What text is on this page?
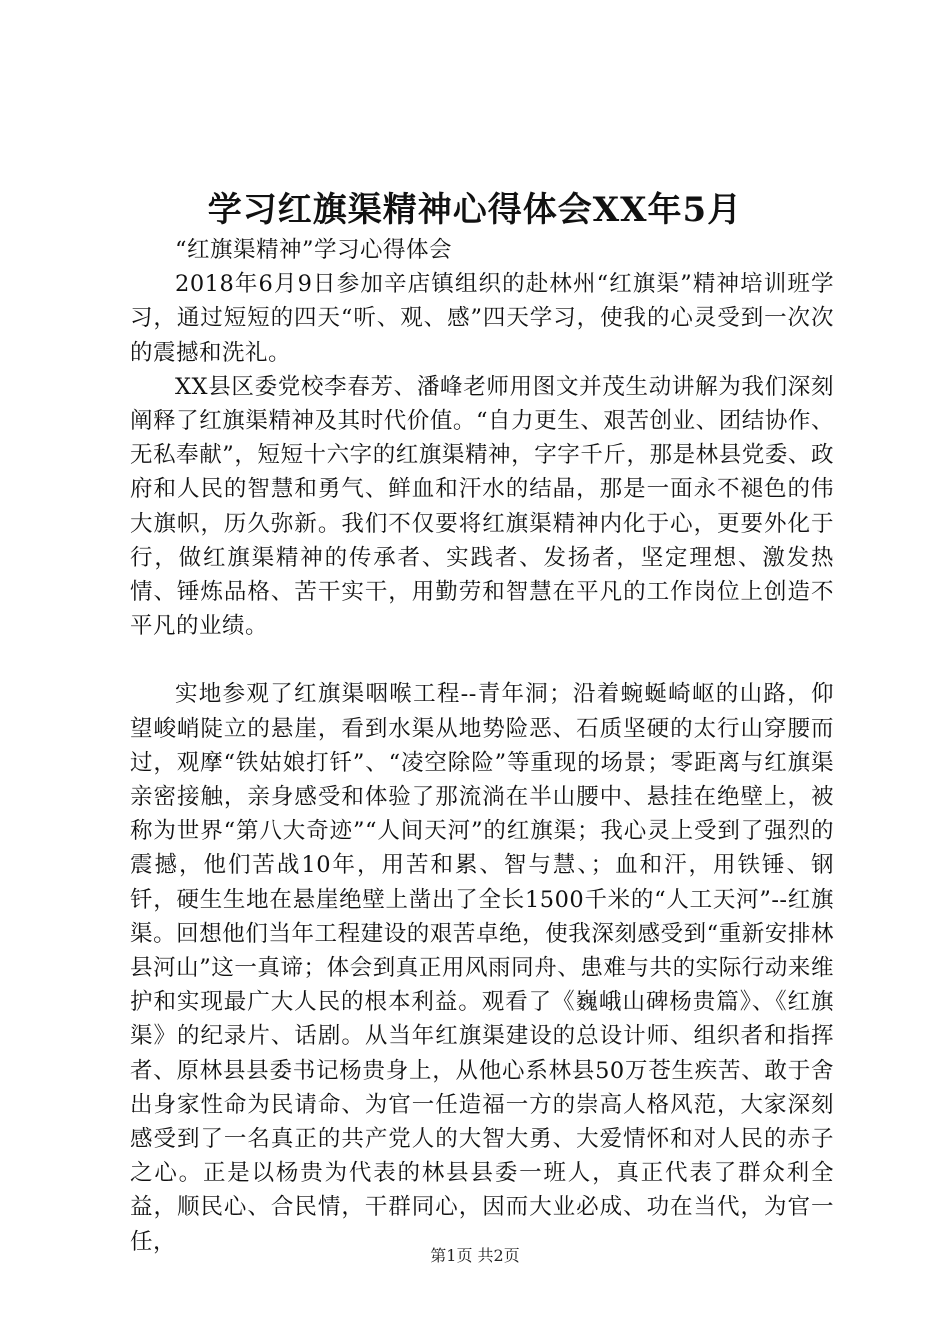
学习红旗渠精神心得体会XX年5月

“红旗渠精神”学习心得体会

2018年6月9日参加辛店镇组织的赴林州“红旗渠”精神培训班学习，通过短短的四天“听、观、感”四天学习，使我的心灵受到一次次的震撼和洗礼。

XX县区委党校李春芳、潘峰老师用图文并茂生动讲解为我们深刻阐释了红旗渠精神及其时代价值。“自力更生、艰苦创业、团结协作、无私奉献”，短短十六字的红旗渠精神，字字千斤，那是林县党委、政府和人民的智慧和勇气、鲜血和汗水的结晶，那是一面永不褪色的伟大旗帜，历久弥新。我们不仅要将红旗渠精神内化于心，更要外化于行，做红旗渠精神的传承者、实践者、发扬者，坚定理想、激发热情、锤炼品格、苦干实干，用勤劳和智慧在平凡的工作岗位上创造不平凡的业绩。

实地参观了红旗渠咽喉工程--青年洞；沿着蜿蜒崎岖的山路，仰望峻峭陡立的悬崖，看到水渠从地势险恶、石质坚硬的太行山穿腰而过，观摩“铁姑娘打钎”、“凌空除险”等重现的场景；零距离与红旗渠亲密接触，亲身感受和体验了那流淌在半山腰中、悬挂在绝壁上，被称为世界“第八大奇迹”“人间天河”的红旗渠；我心灵上受到了强烈的震撼，他们苦战10年，用苦和累、智与慧、；血和汗，用铁锤、钢钎，硬生生地在悬崖绝壁上凿出了全长1500千米的“人工天河”--红旗渠。回想他们当年工程建设的艰苦卓绝，使我深刻感受到“重新安排林县河山”这一真谛；体会到真正用风雨同舟、患难与共的实际行动来维护和实现最广大人民的根本利益。观看了《巍峨山碑杨贵篇》、《红旗渠》的纪录片、话剧。从当年红旗渠建设的总设计师、组织者和指挥者、原林县县委书记杨贵身上，从他心系林县50万苍生疾苦、敢于舍出身家性命为民请命、为官一任造福一方的崇高人格风范，大家深刻感受到了一名真正的共产党人的大智大勇、大爱情怀和对人民的赤子之心。正是以杨贵为代表的林县县委一班人，真正代表了群众利全益，顺民心、合民情，干群同心，因而大业必成、功在当代，为官一任，

第1页 共2页
